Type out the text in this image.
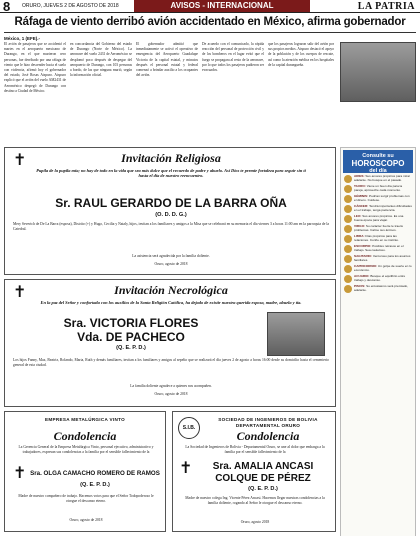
8 ORURO, JUEVES 2 DE AGOSTO DE 2018	AVISOS - INTERNACIONAL	LA PATRIA
Ráfaga de viento derribó avión accidentado en México, afirma gobernador
México, 1 (EFE).-
El avión de pasajeros que se accidentó el martes en el aeropuerto mexicano de Durango, en el que murieron cero personas, fue derribado por una ráfaga de viento que le hizo descender hacia el suelo con violencia, afirmó hoy el gobernador del estado, José Rosas Aispuro. Aispuro explicó que el avión del vuelo AM2431 de Aeroméxico despegó de Durango con destino a Ciudad de México.
en concordancia del Gobierno del estado de Durango (Norte de México). La aeronave del vuelo 2431 de Aeroméxico se desplomó poco después de despegar del aeropuerto de Durango, con 103 personas a bordo, de las que ninguna murió, según la información oficial.
El gobernador admitió que inmediatamente se activó el operativo de emergencia del Aeropuerto Guadalupe Victoria de la capital estatal, y minutos después el personal estatal y federal comenzó a brindar auxilio a los ocupantes del avión.
De acuerdo con el comunicado, la rápida reacción del personal de protección civil y de los bomberos en el lugar evitó que el fuego se propagara al resto de la aeronave, por lo que todos los pasajeros pudieron ser evacuados.
que los pasajeros lograron salir del avión por sus propios medios. Aispuro destacó el apoyo de la población y de los cuerpos de rescate, así como la atención médica en los hospitales de la capital durangueña.
Consulte su
HOROSCOPO
del día
ARIES: Sus amores propicios para mirar adelante. No busque en el pasado.
TAURO: Viene un buen día para la pareja, aproveche cada momento.
GÉMINIS: Podrían surgir problemas con el dinero. Cuídese.
CÁNCER: Tendrá importantes dificultades en el trabajo, tenga paciencia.
LEO: Sus amores propicios. Es una buena época para viajar.
VIRGO: Su carácter fuerte le traerá problemas. Calme sus ánimos.
LIBRA: Días propicios para las relaciones. Confíe en su instinto.
ESCORPIO: Posibles retrasos en el trabajo. Sea cauteloso.
SAGITARIO: Venturoso para los asuntos familiares.
CAPRICORNIO: Un golpe de suerte en lo económico.
ACUARIO: Busque el equilibrio entre trabajo y descanso.
PISCIS: Su entusiasmo será premiado, adelante.
✝	Invitación Religiosa
Pupila de la pupila mía; no hay de todo en la vida que sea más dulce que el recuerdo de padre y abuelo. Así Dios te premie fortaleza para seguir sin ti hasta el día de nuestro reencuentro.
Sr. RAUL GERARDO DE LA BARRA OÑA
(O. D. D. G.)
Mery Severich de De La Barra (esposa), Distrito (+) y Hugo, Cecilia y Nataly, hijos, invitan a los familiares y amigos a la Misa que se celebrará en su memoria el día viernes 3 a horas 11:00 am en la parroquia de la Catedral.
La asistencia será agradecida por la familia doliente.
Oruro, agosto de 2018
✝	Invitación Necrológica
En la paz del Señor y confortada con los auxilios de la Santa Religión Católica, ha dejado de existir nuestra querida esposa, madre, abuela y tía.
Sra. VICTORIA FLORES
Vda. DE PACHECO
(Q. E. P. D.)
Los hijos Fanny, Max, Beatriz, Rolando, Marta, Ruth y demás familiares, invitan a los familiares y amigos al sepelio que se realizará el día jueves 2 de agosto a horas 16:00 desde su domicilio hasta el cementerio general de esta ciudad.
La familia doliente agradece a quienes nos acompañen.
Oruro, agosto de 2018
EMPRESA METALÚRGICA VINTO
Condolencia
La Gerencia General de la Empresa Metalúrgica Vinto, personal ejecutivo, administrativo y trabajadores, expresan sus condolencias a la familia por el sensible fallecimiento de la
✝ Sra. OLGA CAMACHO ROMERO DE RAMOS
(Q. E. P. D.)
Madre de nuestro compañero de trabajo. Hacemos votos para que el Señor Todopoderoso le otorgue el descanso eterno.
Oruro, agosto de 2018
S.I.B.
SOCIEDAD DE INGENIEROS DE BOLIVIA
DEPARTAMENTAL ORURO
Condolencia
La Sociedad de Ingenieros de Bolivia - Departamental Oruro, se une al dolor que embarga a la familia por el sensible fallecimiento de la
✝	Sra. AMALIA ANCASI
COLQUE DE PÉREZ
(Q. E. P. D.)
Madre de nuestro colega Ing. Vicente Pérez Ancasi. Hacemos llegar nuestras condolencias a la familia doliente, rogando al Señor le otorgue el descanso eterno.
Oruro, agosto 2018
